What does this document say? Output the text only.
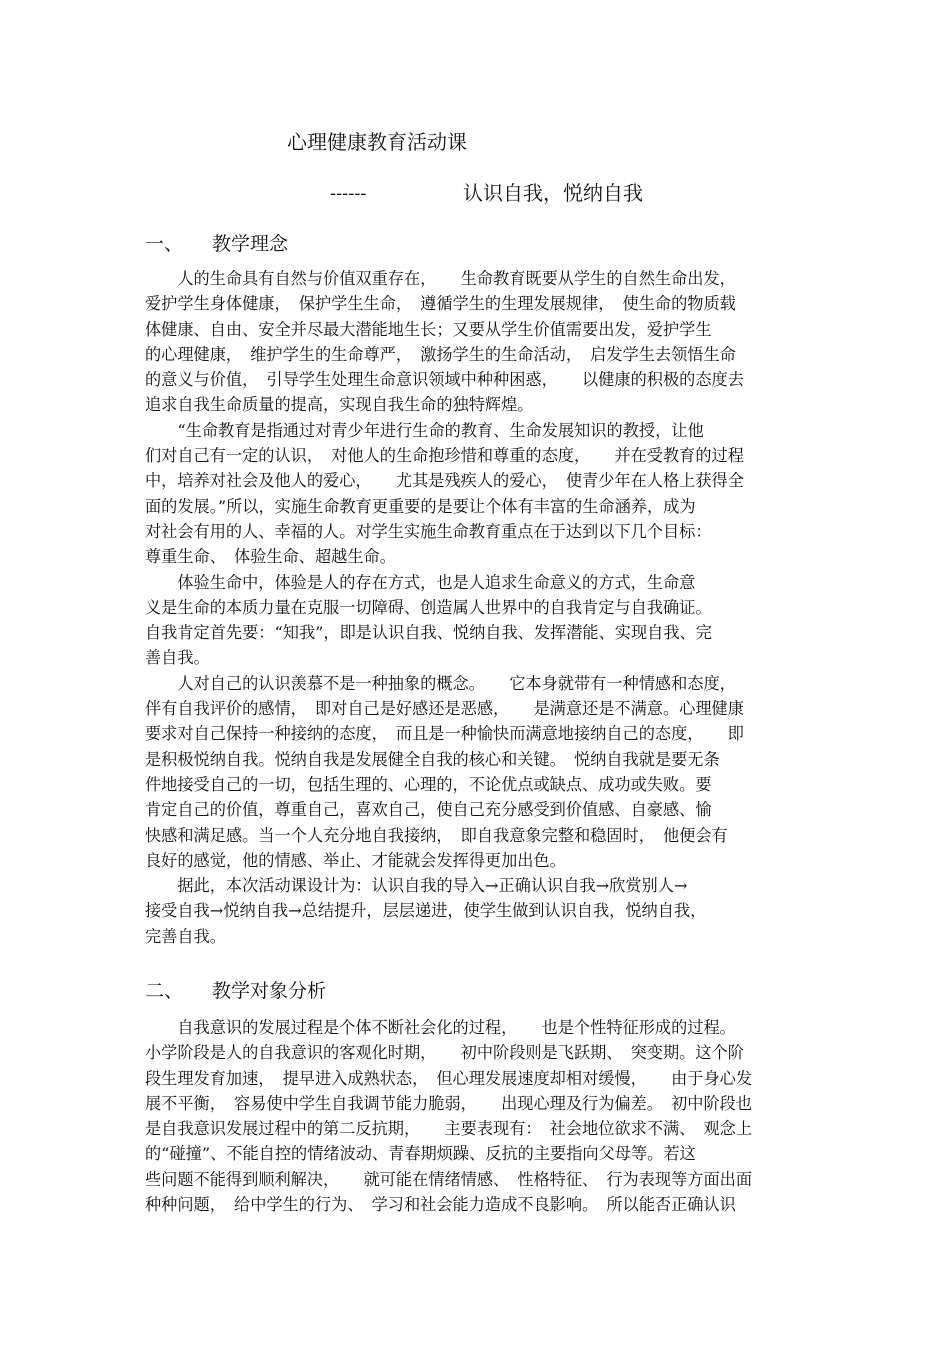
心理健康教育活动课
------	认识自我，悦纳自我
一、 教学理念
　　人的生命具有自然与价值双重存在，　　生命教育既要从学生的自然生命出发，
爱护学生身体健康，　保护学生生命，　遵循学生的生理发展规律，　使生命的物质载
体健康、自由、安全并尽最大潜能地生长；又要从学生价值需要出发，爱护学生
的心理健康，　维护学生的生命尊严，　激扬学生的生命活动，　启发学生去领悟生命
的意义与价值，　引导学生处理生命意识领域中种种困惑，　　以健康的积极的态度去
追求自我生命质量的提高，实现自我生命的独特辉煌。
　　“生命教育是指通过对青少年进行生命的教育、生命发展知识的教授，让他
们对自己有一定的认识，　对他人的生命抱珍惜和尊重的态度，　　并在受教育的过程
中，培养对社会及他人的爱心，　　尤其是残疾人的爱心，　使青少年在人格上获得全
面的发展。”所以，实施生命教育更重要的是要让个体有丰富的生命涵养，成为
对社会有用的人、幸福的人。对学生实施生命教育重点在于达到以下几个目标：
尊重生命、　体验生命、超越生命。
　　体验生命中，体验是人的存在方式，也是人追求生命意义的方式，生命意
义是生命的本质力量在克服一切障碍、创造属人世界中的自我肯定与自我确证。
自我肯定首先要：“知我”，即是认识自我、悦纳自我、发挥潜能、实现自我、完
善自我。
　　人对自己的认识羡慕不是一种抽象的概念。　　它本身就带有一种情感和态度，
伴有自我评价的感情，　即对自己是好感还是恶感，　　是满意还是不满意。心理健康
要求对自己保持一种接纳的态度，　而且是一种愉快而满意地接纳自己的态度，　　即
是积极悦纳自我。悦纳自我是发展健全自我的核心和关键。　悦纳自我就是要无条
件地接受自己的一切，包括生理的、心理的，不论优点或缺点、成功或失败。要
肯定自己的价值，尊重自己，喜欢自己，使自己充分感受到价值感、自豪感、愉
快感和满足感。当一个人充分地自我接纳，　即自我意象完整和稳固时，　他便会有
良好的感觉，他的情感、举止、才能就会发挥得更加出色。
　　据此，本次活动课设计为：认识自我的导入→正确认识自我→欣赏别人→
接受自我→悦纳自我→总结提升，层层递进，使学生做到认识自我，悦纳自我，
完善自我。
二、 教学对象分析
　　自我意识的发展过程是个体不断社会化的过程，　　也是个性特征形成的过程。
小学阶段是人的自我意识的客观化时期，　　初中阶段则是飞跃期、　突变期。这个阶
段生理发育加速，　提早进入成熟状态，　但心理发展速度却相对缓慢，　　由于身心发
展不平衡，　容易使中学生自我调节能力脆弱，　　出现心理及行为偏差。　初中阶段也
是自我意识发展过程中的第二反抗期，　　主要表现有：　社会地位欲求不满、　观念上
的“碰撞”、不能自控的情绪波动、青春期烦躁、反抗的主要指向父母等。若这
些问题不能得到顺利解决，　　就可能在情绪情感、　性格特征、　行为表现等方面出面
种种问题，　给中学生的行为、　学习和社会能力造成不良影响。　所以能否正确认识
